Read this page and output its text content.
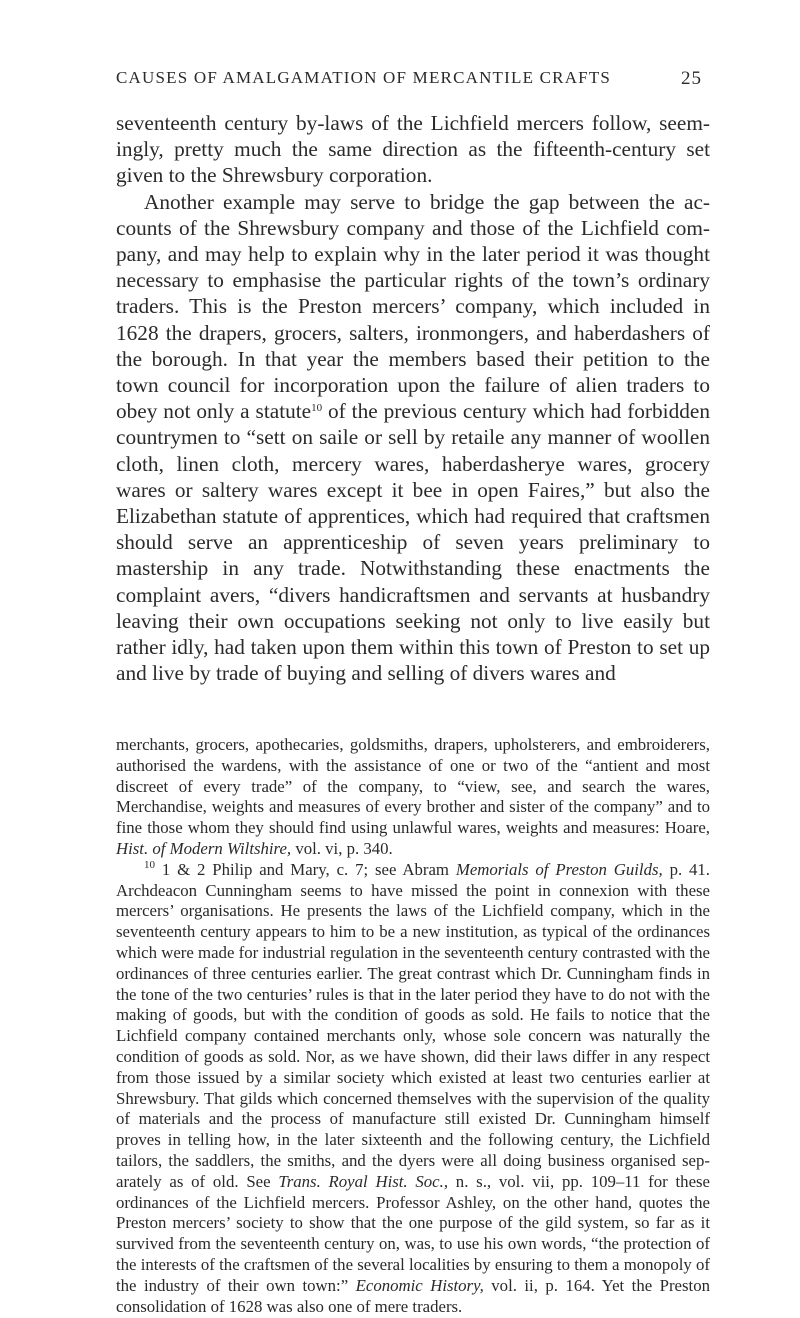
CAUSES OF AMALGAMATION OF MERCANTILE CRAFTS	25

seventeenth century by-laws of the Lichfield mercers follow, seemingly, pretty much the same direction as the fifteenth-century set given to the Shrewsbury corporation.

Another example may serve to bridge the gap between the accounts of the Shrewsbury company and those of the Lichfield company, and may help to explain why in the later period it was thought necessary to emphasise the particular rights of the town’s ordinary traders. This is the Preston mercers’ company, which included in 1628 the drapers, grocers, salters, ironmongers, and haberdashers of the borough. In that year the members based their petition to the town council for incorporation upon the failure of alien traders to obey not only a statute$^{10}$ of the previous century which had forbidden countrymen to “sett on saile or sell by retaile any manner of woollen cloth, linen cloth, mercery wares, haberdasherye wares, grocery wares or saltery wares except it bee in open Faires,” but also the Elizabethan statute of apprentices, which had required that craftsmen should serve an apprenticeship of seven years preliminary to mastership in any trade. Notwithstanding these enactments the complaint avers, “divers handicraftsmen and servants at husbandry leaving their own occupations seeking not only to live easily but rather idly, had taken upon them within this town of Preston to set up and live by trade of buying and selling of divers wares and

merchants, grocers, apothecaries, goldsmiths, drapers, upholsterers, and embroiderers, authorised the wardens, with the assistance of one or two of the “antient and most discreet of every trade” of the company, to “view, see, and search the wares, Merchandise, weights and measures of every brother and sister of the company” and to fine those whom they should find using unlawful wares, weights and measures: Hoare, Hist. of Modern Wiltshire, vol. vi, p. 340.

$^{10}$ 1 & 2 Philip and Mary, c. 7; see Abram Memorials of Preston Guilds, p. 41. Archdeacon Cunningham seems to have missed the point in connexion with these mercers’ organisations. He presents the laws of the Lichfield company, which in the seventeenth century appears to him to be a new institution, as typical of the ordinances which were made for industrial regulation in the seventeenth century contrasted with the ordinances of three centuries earlier. The great contrast which Dr. Cunningham finds in the tone of the two centuries’ rules is that in the later period they have to do not with the making of goods, but with the condition of goods as sold. He fails to notice that the Lichfield company contained merchants only, whose sole concern was naturally the condition of goods as sold. Nor, as we have shown, did their laws differ in any respect from those issued by a similar society which existed at least two centuries earlier at Shrewsbury. That gilds which concerned themselves with the supervision of the quality of materials and the process of manufacture still existed Dr. Cunningham himself proves in telling how, in the later sixteenth and the following century, the Lichfield tailors, the saddlers, the smiths, and the dyers were all doing business organised separately as of old. See Trans. Royal Hist. Soc., n. s., vol. vii, pp. 109–11 for these ordinances of the Lichfield mercers. Professor Ashley, on the other hand, quotes the Preston mercers’ society to show that the one purpose of the gild system, so far as it survived from the seventeenth century on, was, to use his own words, “the protection of the interests of the craftsmen of the several localities by ensuring to them a monopoly of the industry of their own town:” Economic History, vol. ii, p. 164. Yet the Preston consolidation of 1628 was also one of mere traders.
